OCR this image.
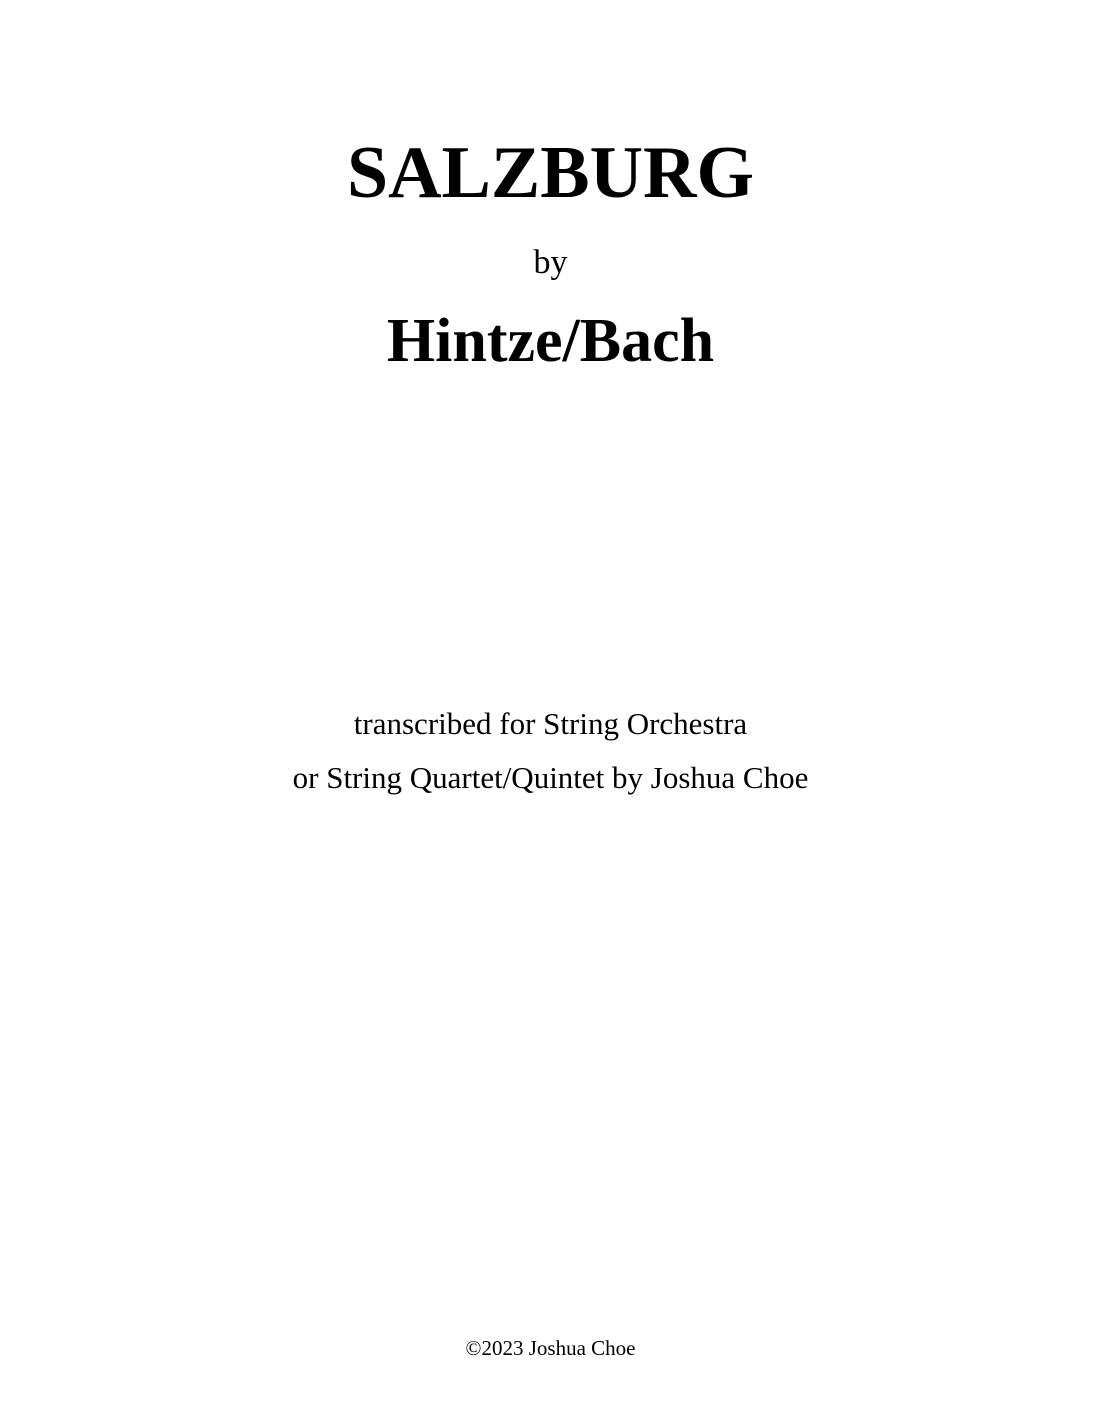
SALZBURG
by
Hintze/Bach
transcribed for String Orchestra
or String Quartet/Quintet by Joshua Choe
©2023 Joshua Choe
